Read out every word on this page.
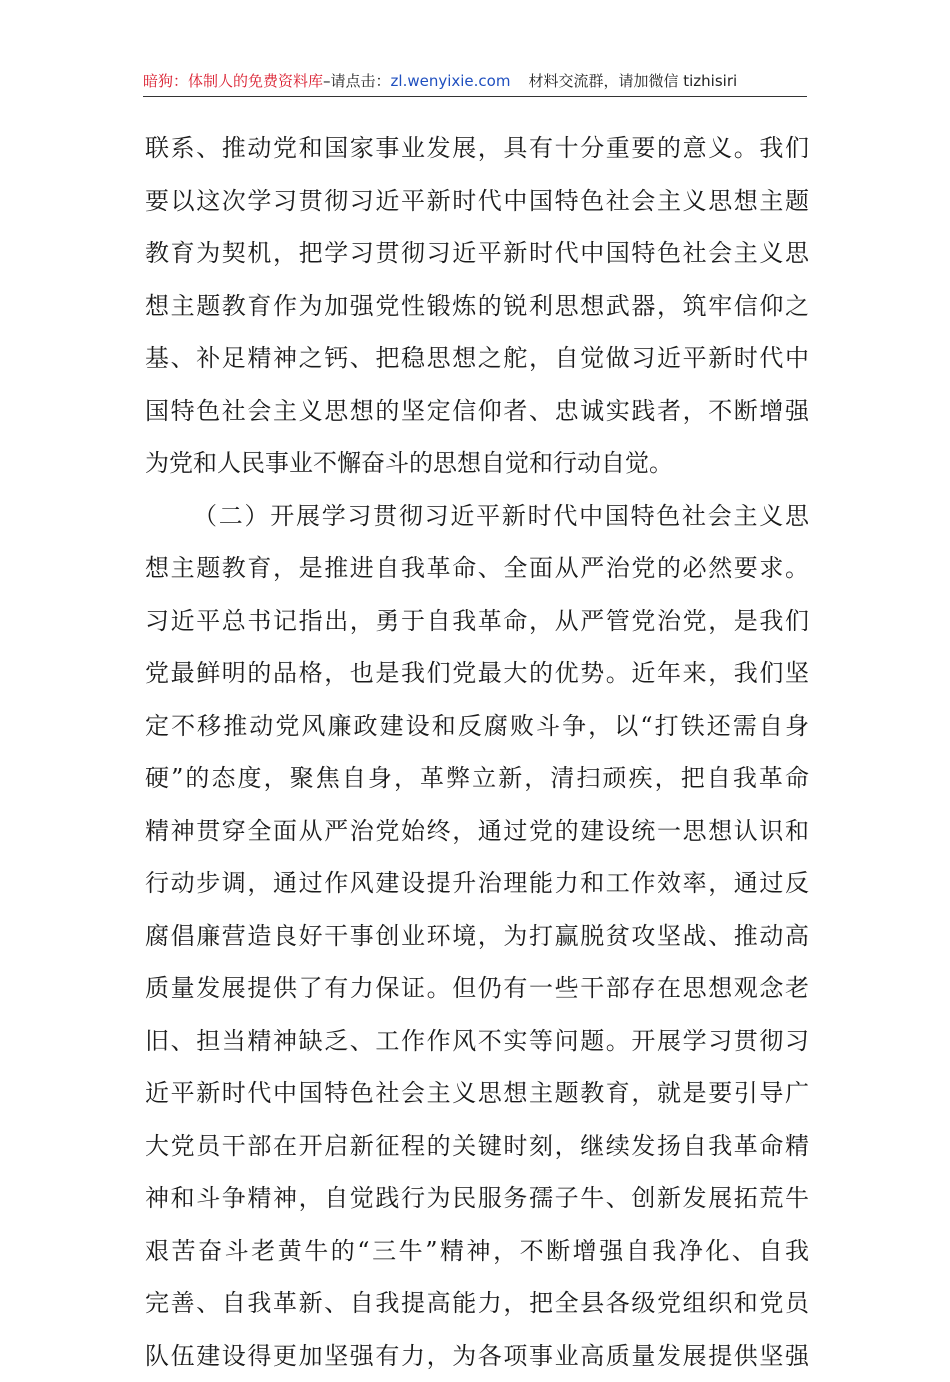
暗狗：体制人的免费资料库–请点击：zl.wenyixie.com 材料交流群，请加微信 tizhisiri
联系、推动党和国家事业发展，具有十分重要的意义。我们
要以这次学习贯彻习近平新时代中国特色社会主义思想主题
教育为契机，把学习贯彻习近平新时代中国特色社会主义思
想主题教育作为加强党性锻炼的锐利思想武器，筑牢信仰之
基、补足精神之钙、把稳思想之舵，自觉做习近平新时代中
国特色社会主义思想的坚定信仰者、忠诚实践者，不断增强
为党和人民事业不懈奋斗的思想自觉和行动自觉。
（二）开展学习贯彻习近平新时代中国特色社会主义思
想主题教育，是推进自我革命、全面从严治党的必然要求。
习近平总书记指出，勇于自我革命，从严管党治党，是我们
党最鲜明的品格，也是我们党最大的优势。近年来，我们坚
定不移推动党风廉政建设和反腐败斗争，以“打铁还需自身
硬”的态度，聚焦自身，革弊立新，清扫顽疾，把自我革命
精神贯穿全面从严治党始终，通过党的建设统一思想认识和
行动步调，通过作风建设提升治理能力和工作效率，通过反
腐倡廉营造良好干事创业环境，为打赢脱贫攻坚战、推动高
质量发展提供了有力保证。但仍有一些干部存在思想观念老
旧、担当精神缺乏、工作作风不实等问题。开展学习贯彻习
近平新时代中国特色社会主义思想主题教育，就是要引导广
大党员干部在开启新征程的关键时刻，继续发扬自我革命精
神和斗争精神，自觉践行为民服务孺子牛、创新发展拓荒牛
艰苦奋斗老黄牛的“三牛”精神，不断增强自我净化、自我
完善、自我革新、自我提高能力，把全县各级党组织和党员
队伍建设得更加坚强有力，为各项事业高质量发展提供坚强
